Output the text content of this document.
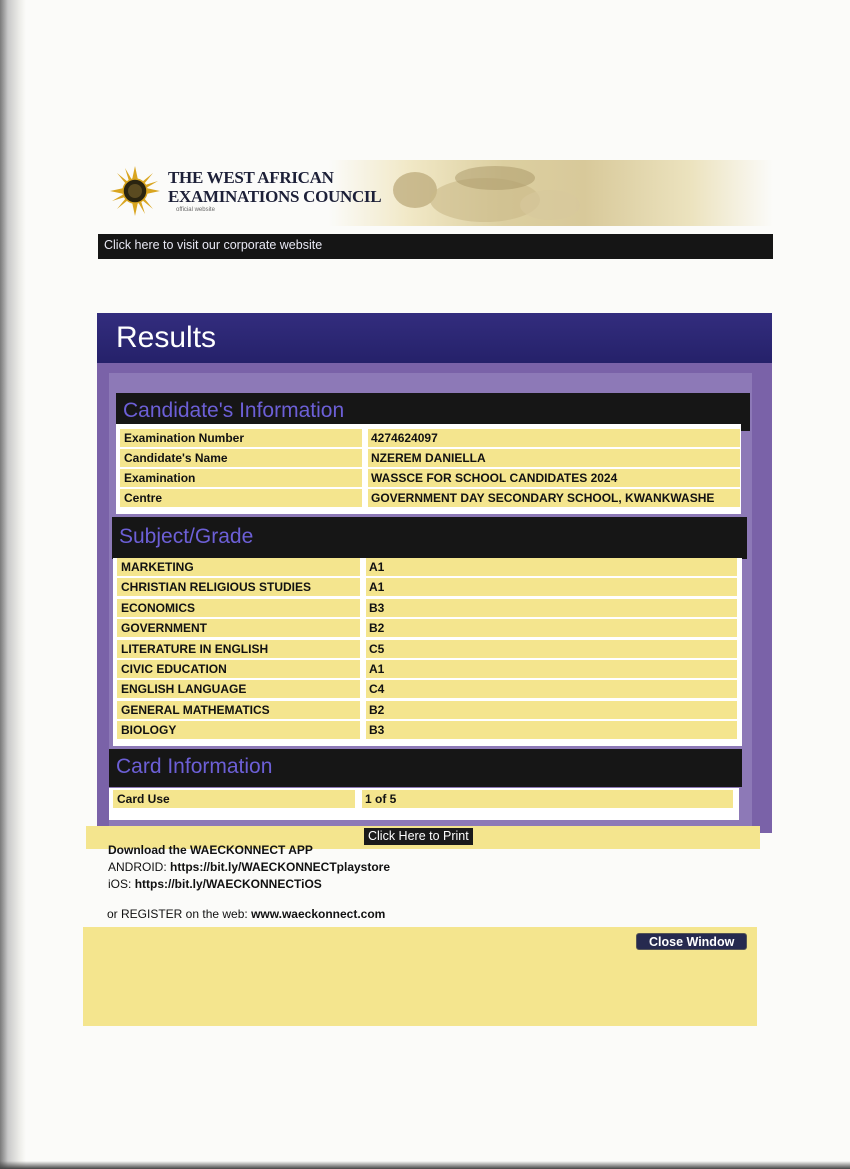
THE WEST AFRICAN
EXAMINATIONS COUNCIL
official website
Click here to visit our corporate website
Results
Candidate's Information
Examination Number	4274624097
Candidate's Name	NZEREM DANIELLA
Examination	WASSCE FOR SCHOOL CANDIDATES 2024
Centre	GOVERNMENT DAY SECONDARY SCHOOL, KWANKWASHE
Subject/Grade
MARKETING	A1
CHRISTIAN RELIGIOUS STUDIES	A1
ECONOMICS	B3
GOVERNMENT	B2
LITERATURE IN ENGLISH	C5
CIVIC EDUCATION	A1
ENGLISH LANGUAGE	C4
GENERAL MATHEMATICS	B2
BIOLOGY	B3
Card Information
Card Use	1 of 5
Click Here to Print
Download the WAECKONNECT APP
ANDROID: https://bit.ly/WAECKONNECTplaystore
iOS: https://bit.ly/WAECKONNECTiOS
or REGISTER on the web: www.waeckonnect.com
Close Window
